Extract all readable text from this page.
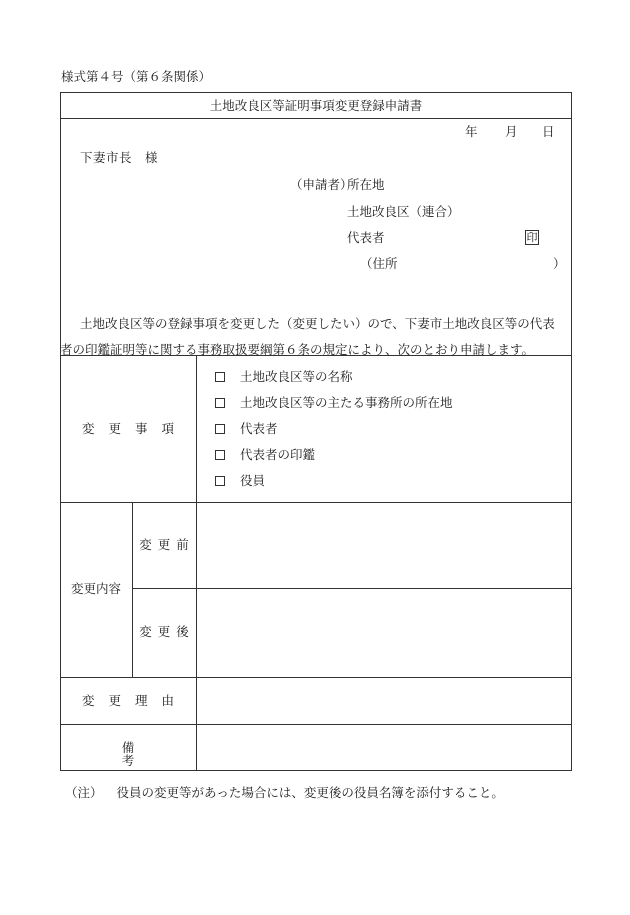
様式第４号（第６条関係）
土地改良区等証明事項変更登録申請書
年 月 日
下妻市長　様
（申請者）
所在地
土地改良区（連合）
代表者	印
（住所	）
土地改良区等の登録事項を変更した（変更したい）ので、下妻市土地改良区等の代表
者の印鑑証明等に関する事務取扱要綱第６条の規定により、次のとおり申請します。
変更事項
土地改良区等の名称
土地改良区等の主たる事務所の所在地
代表者
代表者の印鑑
役員
変更内容
変更前
変更後
変更理由
備考
（注） 役員の変更等があった場合には、変更後の役員名簿を添付すること。
